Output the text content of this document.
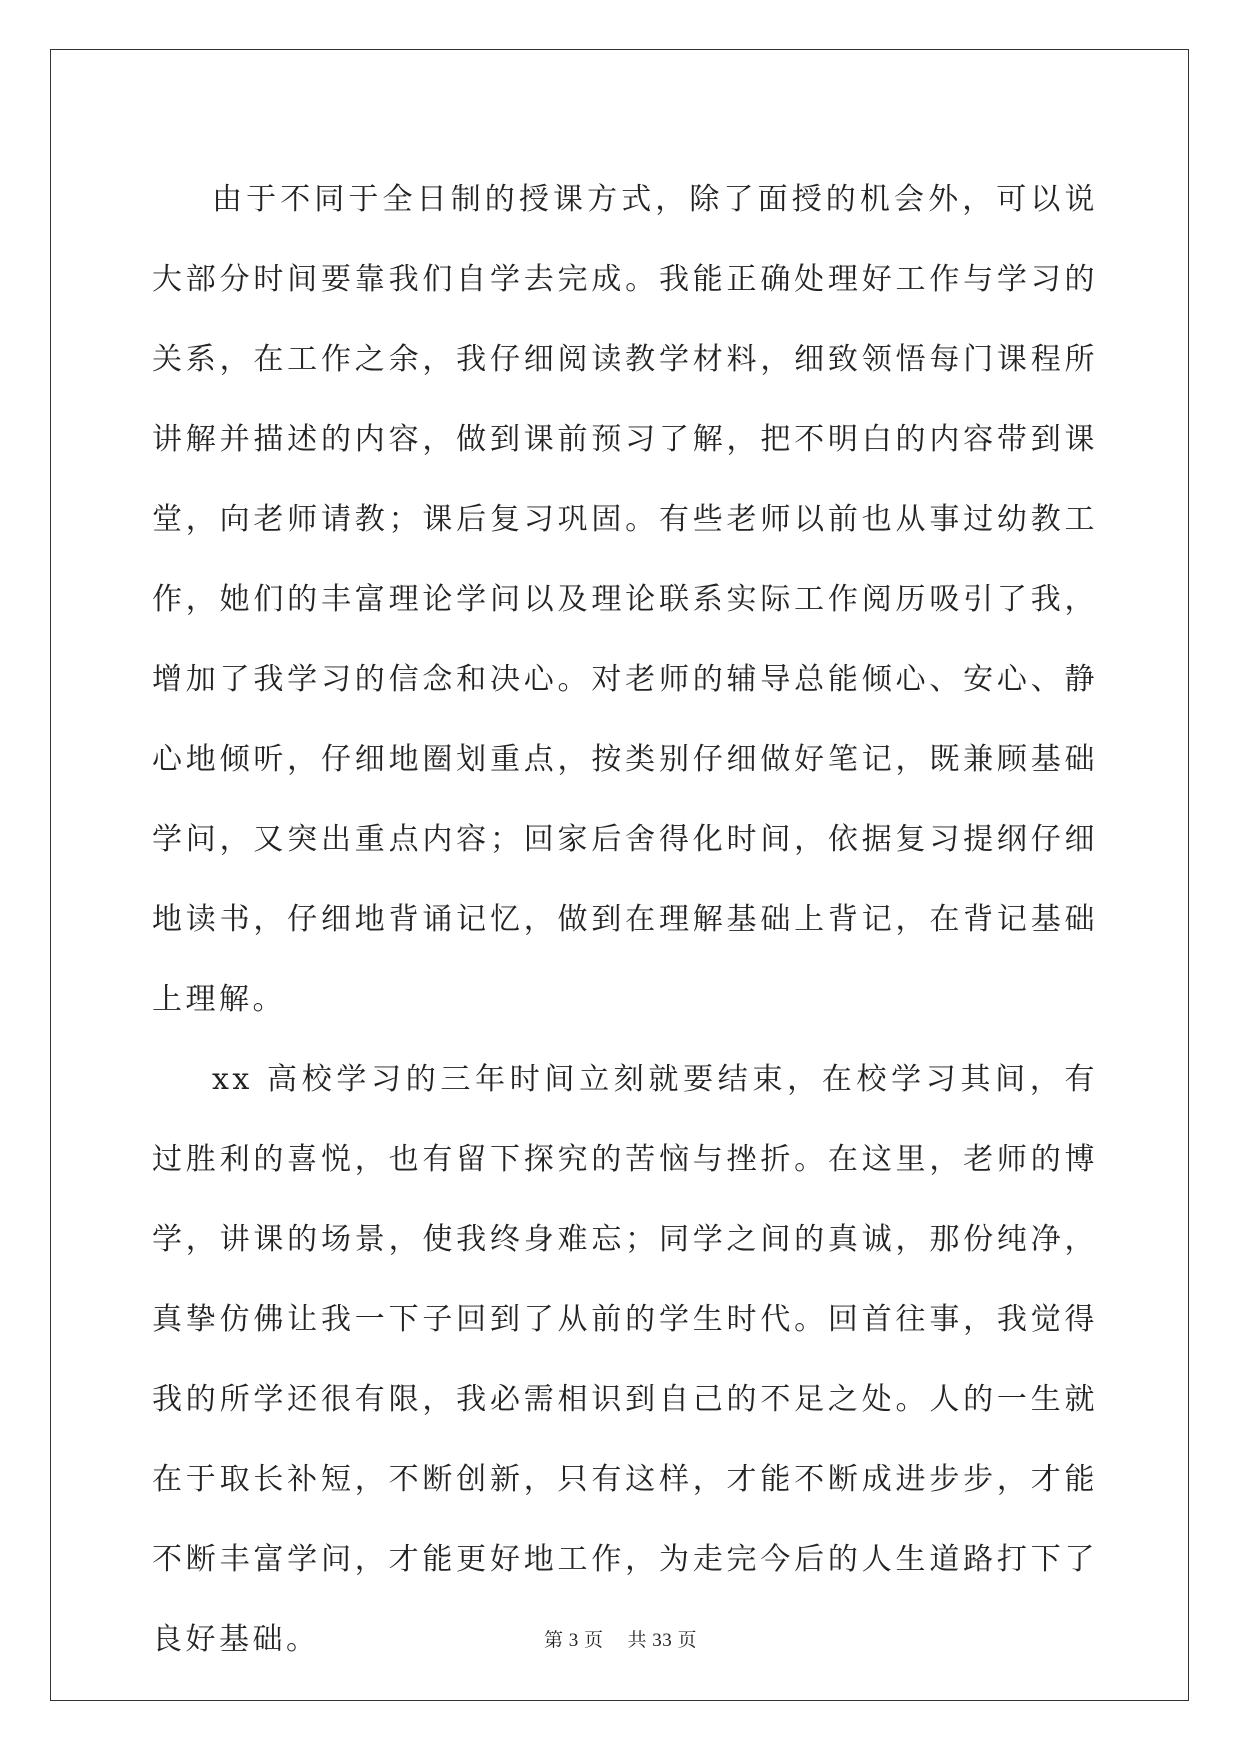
由于不同于全日制的授课方式，除了面授的机会外，可以说大部分时间要靠我们自学去完成。我能正确处理好工作与学习的关系，在工作之余，我仔细阅读教学材料，细致领悟每门课程所讲解并描述的内容，做到课前预习了解，把不明白的内容带到课堂，向老师请教；课后复习巩固。有些老师以前也从事过幼教工作，她们的丰富理论学问以及理论联系实际工作阅历吸引了我，增加了我学习的信念和决心。对老师的辅导总能倾心、安心、静心地倾听，仔细地圈划重点，按类别仔细做好笔记，既兼顾基础学问，又突出重点内容；回家后舍得化时间，依据复习提纲仔细地读书，仔细地背诵记忆，做到在理解基础上背记，在背记基础上理解。

xx 高校学习的三年时间立刻就要结束，在校学习其间，有过胜利的喜悦，也有留下探究的苦恼与挫折。在这里，老师的博学，讲课的场景，使我终身难忘；同学之间的真诚，那份纯净，真挚仿佛让我一下子回到了从前的学生时代。回首往事，我觉得我的所学还很有限，我必需相识到自己的不足之处。人的一生就在于取长补短，不断创新，只有这样，才能不断成进步步，才能不断丰富学问，才能更好地工作，为走完今后的人生道路打下了良好基础。	第 3 页 共 33 页
